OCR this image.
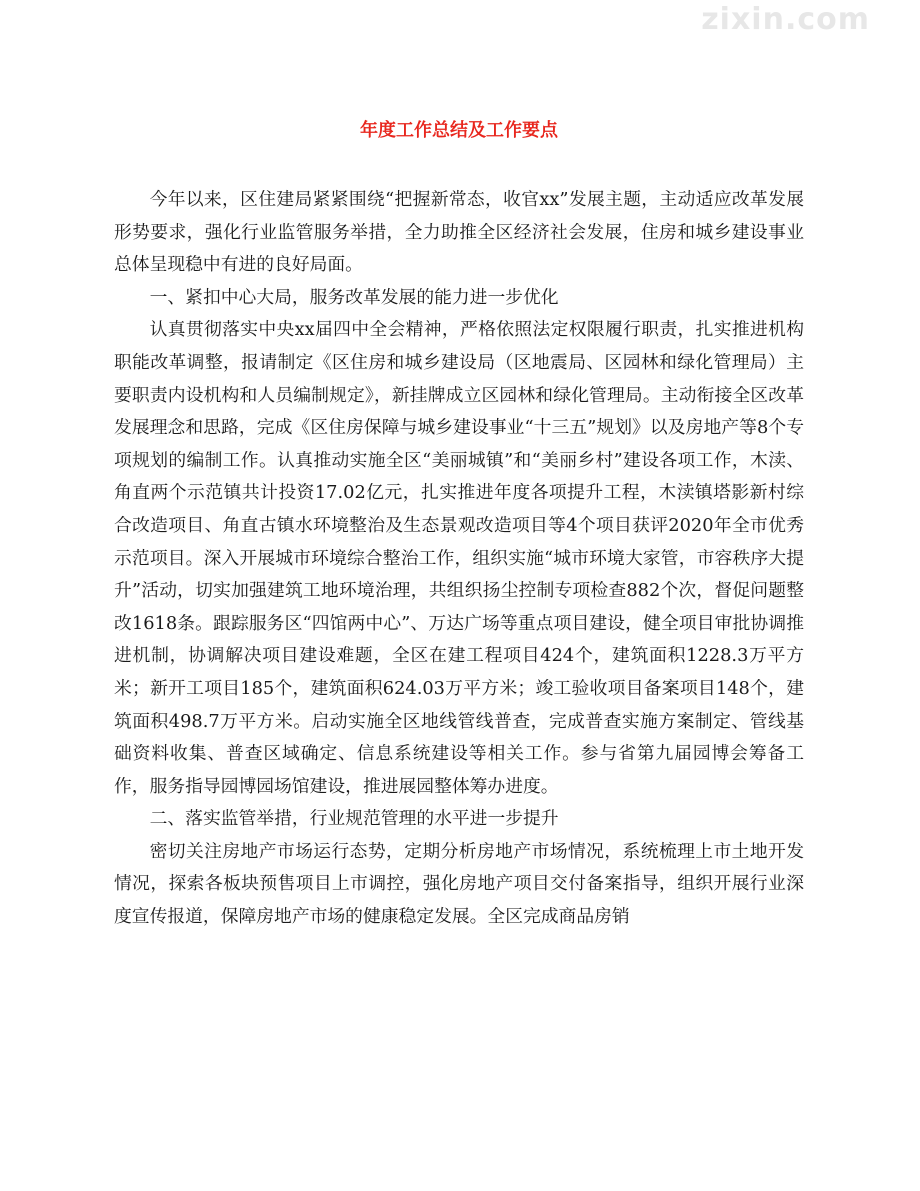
zixin.com
年度工作总结及工作要点

今年以来，区住建局紧紧围绕“把握新常态，收官xx”发展主题，主动适应改革发展形势要求，强化行业监管服务举措，全力助推全区经济社会发展，住房和城乡建设事业总体呈现稳中有进的良好局面。

一、紧扣中心大局，服务改革发展的能力进一步优化

认真贯彻落实中央xx届四中全会精神，严格依照法定权限履行职责，扎实推进机构职能改革调整，报请制定《区住房和城乡建设局（区地震局、区园林和绿化管理局）主要职责内设机构和人员编制规定》，新挂牌成立区园林和绿化管理局。主动衔接全区改革发展理念和思路，完成《区住房保障与城乡建设事业“十三五”规划》以及房地产等8个专项规划的编制工作。认真推动实施全区“美丽城镇”和“美丽乡村”建设各项工作，木渎、角直两个示范镇共计投资17.02亿元，扎实推进年度各项提升工程，木渎镇塔影新村综合改造项目、角直古镇水环境整治及生态景观改造项目等4个项目获评2020年全市优秀示范项目。深入开展城市环境综合整治工作，组织实施“城市环境大家管，市容秩序大提升”活动，切实加强建筑工地环境治理，共组织扬尘控制专项检查882个次，督促问题整改1618条。跟踪服务区“四馆两中心”、万达广场等重点项目建设，健全项目审批协调推进机制，协调解决项目建设难题，全区在建工程项目424个，建筑面积1228.3万平方米；新开工项目185个，建筑面积624.03万平方米；竣工验收项目备案项目148个，建筑面积498.7万平方米。启动实施全区地线管线普查，完成普查实施方案制定、管线基础资料收集、普查区域确定、信息系统建设等相关工作。参与省第九届园博会筹备工作，服务指导园博园场馆建设，推进展园整体筹办进度。

二、落实监管举措，行业规范管理的水平进一步提升

密切关注房地产市场运行态势，定期分析房地产市场情况，系统梳理上市土地开发情况，探索各板块预售项目上市调控，强化房地产项目交付备案指导，组织开展行业深度宣传报道，保障房地产市场的健康稳定发展。全区完成商品房销
